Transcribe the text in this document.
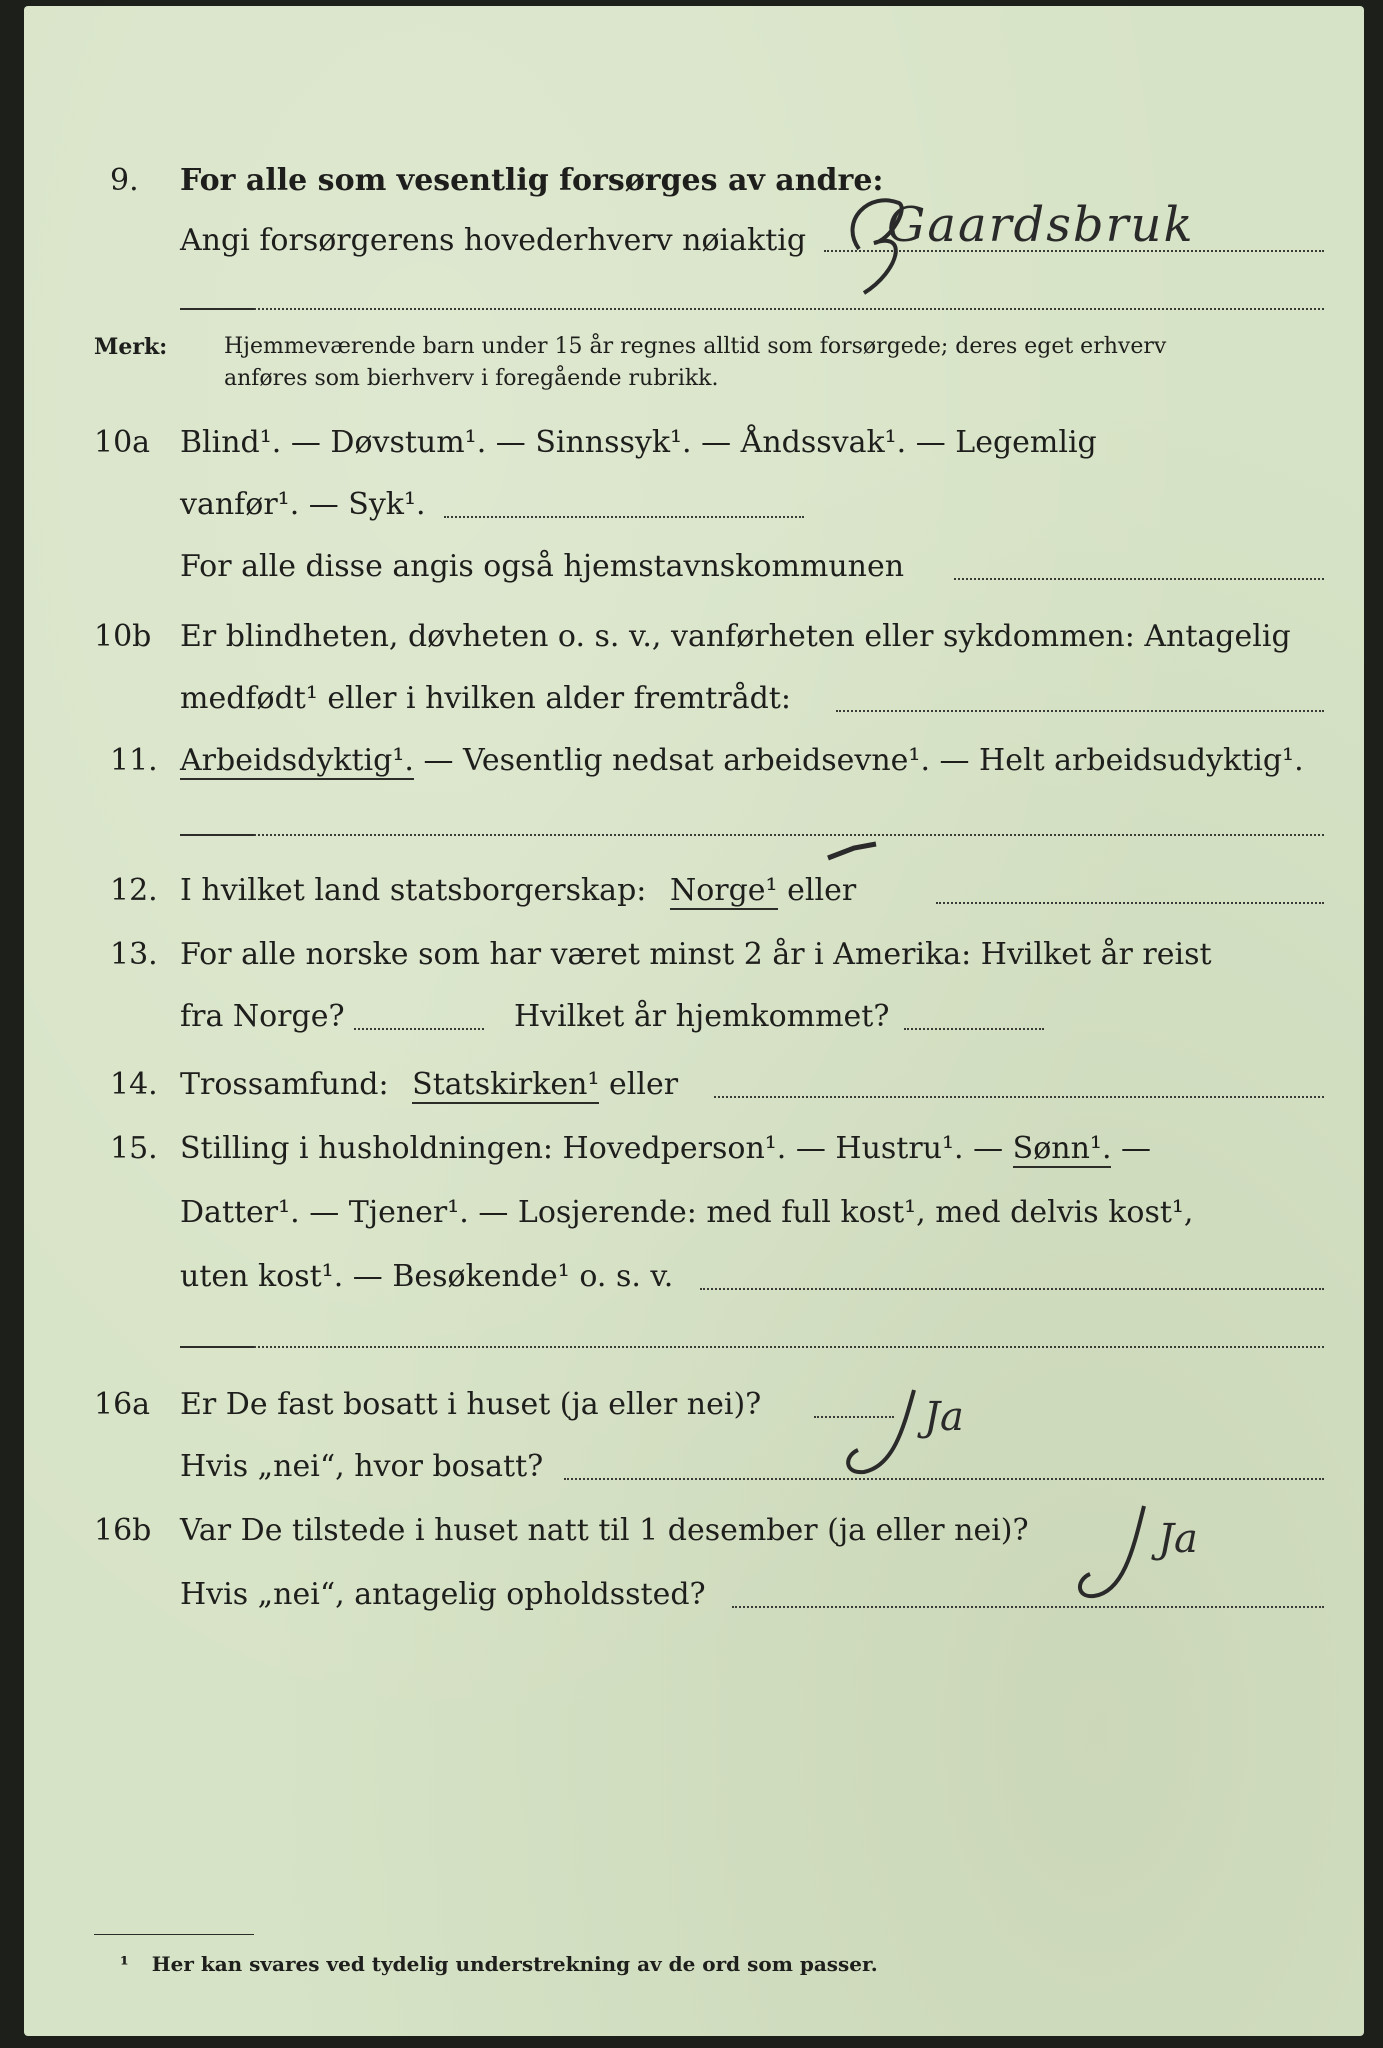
9. For alle som vesentlig forsørges av andre:
Angi forsørgerens hovederhverv nøiaktig Gaardsbruk
Merk:	Hjemmeværende barn under 15 år regnes alltid som forsørgede; deres eget erhverv
anføres som bierhverv i foregående rubrikk.
10a Blind¹. — Døvstum¹. — Sinnssyk¹. — Åndssvak¹. — Legemlig
vanfør¹. — Syk¹.
For alle disse angis også hjemstavnskommunen
10b Er blindheten, døvheten o. s. v., vanførheten eller sykdommen: Antagelig
medfødt¹ eller i hvilken alder fremtrådt:
11. Arbeidsdyktig¹. — Vesentlig nedsat arbeidsevne¹. — Helt arbeidsudyktig¹.
12. I hvilket land statsborgerskap: Norge¹ eller
13. For alle norske som har været minst 2 år i Amerika: Hvilket år reist
fra Norge?	Hvilket år hjemkommet?
14. Trossamfund: Statskirken¹ eller
15. Stilling i husholdningen: Hovedperson¹. — Hustru¹. — Sønn¹. —
Datter¹. — Tjener¹. — Losjerende: med full kost¹, med delvis kost¹,
uten kost¹. — Besøkende¹ o. s. v.
16a Er De fast bosatt i huset (ja eller nei)?	Ja
Hvis „nei“, hvor bosatt?
16b Var De tilstede i huset natt til 1 desember (ja eller nei)?	Ja
Hvis „nei“, antagelig opholdssted?
¹ Her kan svares ved tydelig understrekning av de ord som passer.
